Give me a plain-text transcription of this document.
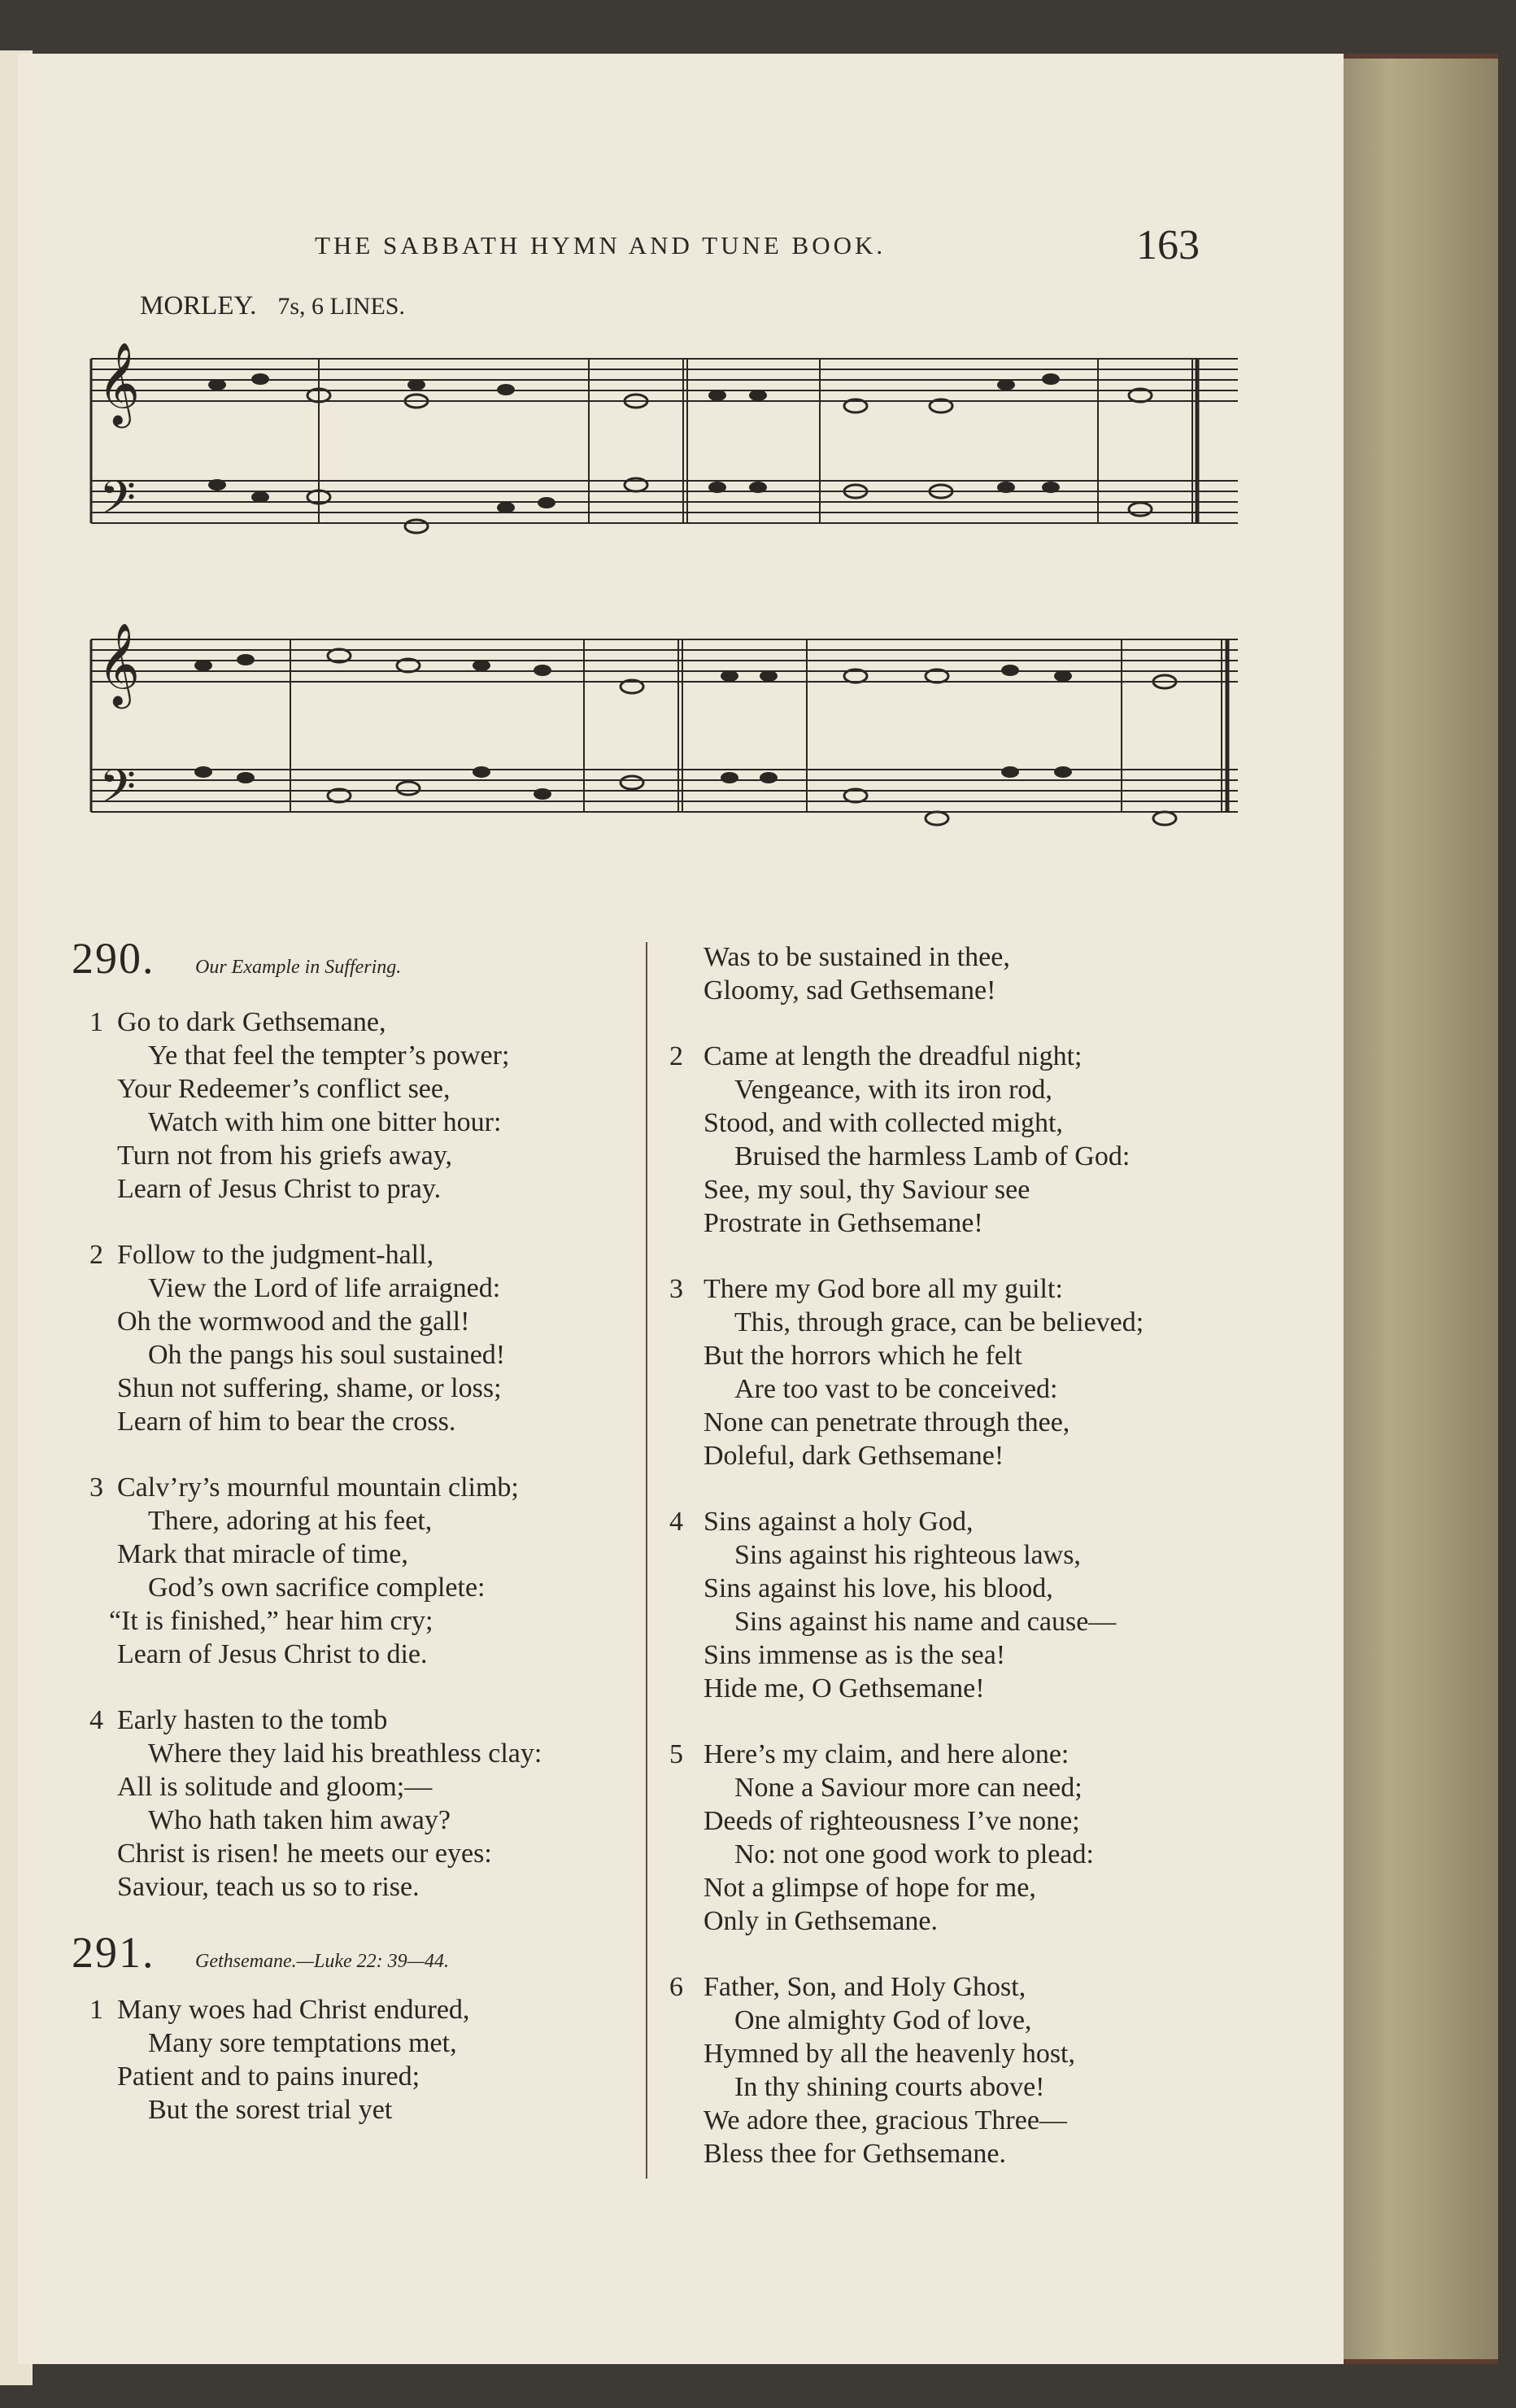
THE SABBATH HYMN AND TUNE BOOK.	163
MORLEY. 7s, 6 LINES.
𝄞
𝄢
𝄞
𝄢
290.	Our Example in Suffering.
1 Go to dark Gethsemane,
Ye that feel the tempter’s power;
Your Redeemer’s conflict see,
Watch with him one bitter hour:
Turn not from his griefs away,
Learn of Jesus Christ to pray.
2 Follow to the judgment-hall,
View the Lord of life arraigned:
Oh the wormwood and the gall!
Oh the pangs his soul sustained!
Shun not suffering, shame, or loss;
Learn of him to bear the cross.
3 Calv’ry’s mournful mountain climb;
There, adoring at his feet,
Mark that miracle of time,
God’s own sacrifice complete:
“It is finished,” hear him cry;
Learn of Jesus Christ to die.
4 Early hasten to the tomb
Where they laid his breathless clay:
All is solitude and gloom;—
Who hath taken him away?
Christ is risen! he meets our eyes:
Saviour, teach us so to rise.
291.	Gethsemane.—Luke 22: 39—44.
1 Many woes had Christ endured,
Many sore temptations met,
Patient and to pains inured;
But the sorest trial yet
Was to be sustained in thee,
Gloomy, sad Gethsemane!
2 Came at length the dreadful night;
Vengeance, with its iron rod,
Stood, and with collected might,
Bruised the harmless Lamb of God:
See, my soul, thy Saviour see
Prostrate in Gethsemane!
3 There my God bore all my guilt:
This, through grace, can be believed;
But the horrors which he felt
Are too vast to be conceived:
None can penetrate through thee,
Doleful, dark Gethsemane!
4 Sins against a holy God,
Sins against his righteous laws,
Sins against his love, his blood,
Sins against his name and cause—
Sins immense as is the sea!
Hide me, O Gethsemane!
5 Here’s my claim, and here alone:
None a Saviour more can need;
Deeds of righteousness I’ve none;
No: not one good work to plead:
Not a glimpse of hope for me,
Only in Gethsemane.
6 Father, Son, and Holy Ghost,
One almighty God of love,
Hymned by all the heavenly host,
In thy shining courts above!
We adore thee, gracious Three—
Bless thee for Gethsemane.
